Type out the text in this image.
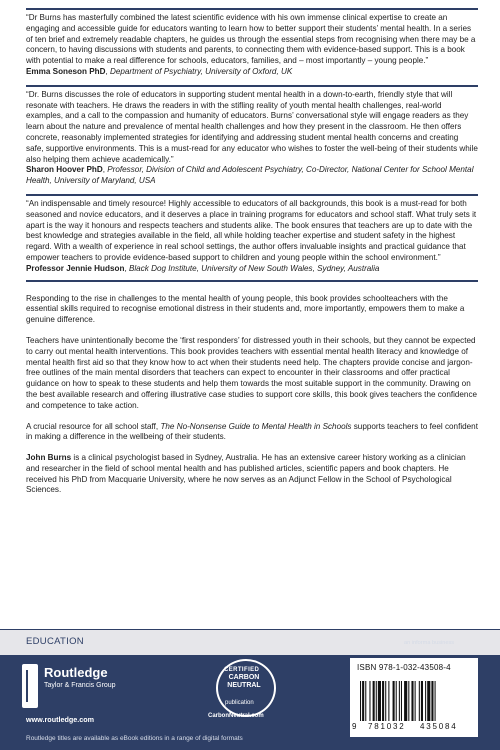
“Dr Burns has masterfully combined the latest scientific evidence with his own immense clinical expertise to create an engaging and accessible guide for educators wanting to learn how to better support their students’ mental health. In a series of ten brief and extremely readable chapters, he guides us through the essential steps from recognising when there may be a concern, to having discussions with students and parents, to connecting them with evidence-based support. This is a book with potential to make a real difference for schools, educators, families, and – most importantly – young people.”

Emma Soneson PhD, Department of Psychiatry, University of Oxford, UK

“Dr. Burns discusses the role of educators in supporting student mental health in a down-to-earth, friendly style that will resonate with teachers. He draws the readers in with the stifling reality of youth mental health challenges, real-world examples, and a call to the compassion and humanity of educators. Burns’ conversational style will engage readers as they learn about the nature and prevalence of mental health challenges and how they present in the classroom. He then offers concrete, reasonably implemented strategies for identifying and addressing student mental health concerns and creating safe, supportive environments. This is a must-read for any educator who wishes to foster the well-being of their students while also helping them achieve academically.”

Sharon Hoover PhD, Professor, Division of Child and Adolescent Psychiatry, Co-Director, National Center for School Mental Health, University of Maryland, USA

“An indispensable and timely resource! Highly accessible to educators of all backgrounds, this book is a must-read for both seasoned and novice educators, and it deserves a place in training programs for educators and school staff. What truly sets it apart is the way it honours and respects teachers and students alike. The book ensures that teachers are up to date with the best knowledge and strategies available in the field, all while holding teacher expertise and student safety in the highest regard. With a wealth of experience in real school settings, the author offers invaluable insights and practical guidance that empower teachers to provide evidence-based support to children and young people within the school environment.”

Professor Jennie Hudson, Black Dog Institute, University of New South Wales, Sydney, Australia

Responding to the rise in challenges to the mental health of young people, this book provides schoolteachers with the essential skills required to recognise emotional distress in their students and, more importantly, empowers them to make a genuine difference.

Teachers have unintentionally become the ‘first responders’ for distressed youth in their schools, but they cannot be expected to carry out mental health interventions. This book provides teachers with essential mental health literacy and knowledge of mental health first aid so that they know how to act when their students need help. The chapters provide concise and jargon-free outlines of the main mental disorders that teachers can expect to encounter in their classrooms and offer practical guidance on how to speak to these students and help them towards the most suitable support in the community. Drawing on the best available research and offering illustrative case studies to support core skills, this book gives teachers the confidence and competence to take action.

A crucial resource for all school staff, The No-Nonsense Guide to Mental Health in Schools supports teachers to feel confident in making a difference in the wellbeing of their students.

John Burns is a clinical psychologist based in Sydney, Australia. He has an extensive career history working as a clinician and researcher in the field of school mental health and has published articles, scientific papers and book chapters. He received his PhD from Macquarie University, where he now serves as an Adjunct Fellow in the School of Psychological Sciences.

EDUCATION
Routledge
Taylor & Francis Group
www.routledge.com
Routledge titles are available as eBook editions in a range of digital formats
CERTIFIED
CARBON
NEUTRAL
publication
CarbonNeutral.com
an informa business
ISBN 978-1-032-43508-4
9 781032 435084
